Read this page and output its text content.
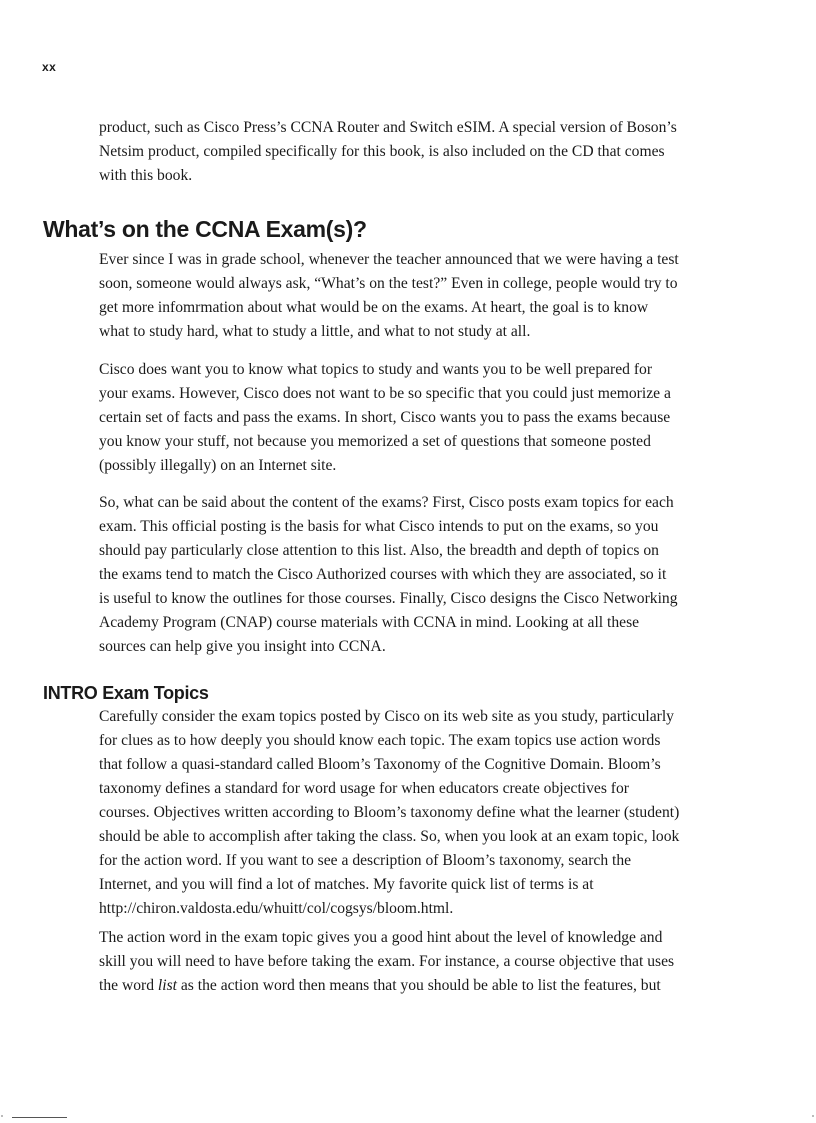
xx

product, such as Cisco Press’s CCNA Router and Switch eSIM. A special version of Boson’s
Netsim product, compiled specifically for this book, is also included on the CD that comes
with this book.

What’s on the CCNA Exam(s)?

Ever since I was in grade school, whenever the teacher announced that we were having a test
soon, someone would always ask, “What’s on the test?” Even in college, people would try to
get more infomrmation about what would be on the exams. At heart, the goal is to know
what to study hard, what to study a little, and what to not study at all.

Cisco does want you to know what topics to study and wants you to be well prepared for
your exams. However, Cisco does not want to be so specific that you could just memorize a
certain set of facts and pass the exams. In short, Cisco wants you to pass the exams because
you know your stuff, not because you memorized a set of questions that someone posted
(possibly illegally) on an Internet site.

So, what can be said about the content of the exams? First, Cisco posts exam topics for each
exam. This official posting is the basis for what Cisco intends to put on the exams, so you
should pay particularly close attention to this list. Also, the breadth and depth of topics on
the exams tend to match the Cisco Authorized courses with which they are associated, so it
is useful to know the outlines for those courses. Finally, Cisco designs the Cisco Networking
Academy Program (CNAP) course materials with CCNA in mind. Looking at all these
sources can help give you insight into CCNA.

INTRO Exam Topics

Carefully consider the exam topics posted by Cisco on its web site as you study, particularly
for clues as to how deeply you should know each topic. The exam topics use action words
that follow a quasi-standard called Bloom’s Taxonomy of the Cognitive Domain. Bloom’s
taxonomy defines a standard for word usage for when educators create objectives for
courses. Objectives written according to Bloom’s taxonomy define what the learner (student)
should be able to accomplish after taking the class. So, when you look at an exam topic, look
for the action word. If you want to see a description of Bloom’s taxonomy, search the
Internet, and you will find a lot of matches. My favorite quick list of terms is at
http://chiron.valdosta.edu/whuitt/col/cogsys/bloom.html.

The action word in the exam topic gives you a good hint about the level of knowledge and
skill you will need to have before taking the exam. For instance, a course objective that uses
the word list as the action word then means that you should be able to list the features, but
